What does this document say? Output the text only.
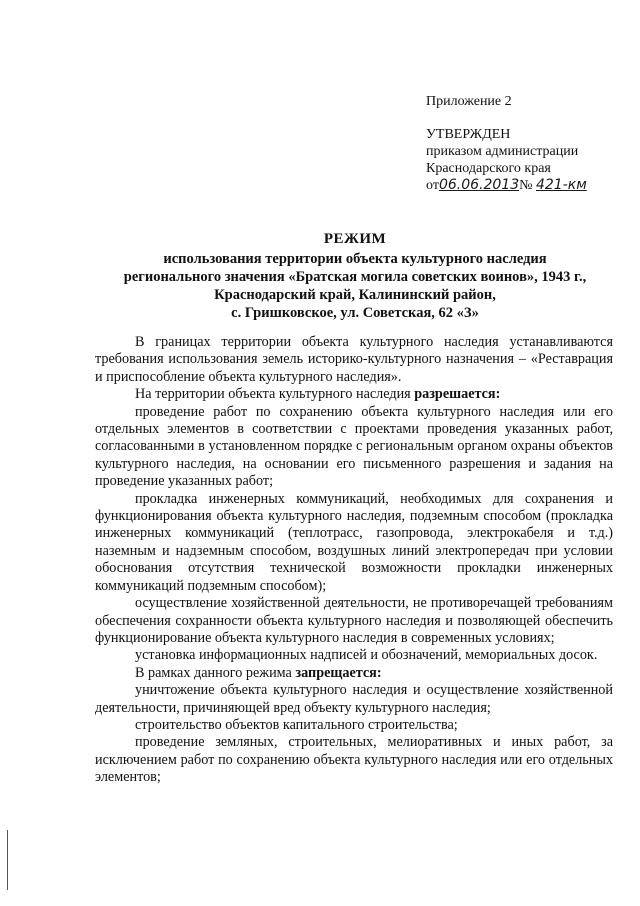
Приложение 2
УТВЕРЖДЕН
приказом администрации
Краснодарского края
от06.06.2013№ 421-км
РЕЖИМ
использования территории объекта культурного наследия
регионального значения «Братская могила советских воинов», 1943 г.,
Краснодарский край, Калининский район,
с. Гришковское, ул. Советская, 62 «З»

В границах территории объекта культурного наследия устанавливаются требования использования земель историко-культурного назначения – «Реставрация и приспособление объекта культурного наследия».

На территории объекта культурного наследия разрешается:

проведение работ по сохранению объекта культурного наследия или его отдельных элементов в соответствии с проектами проведения указанных работ, согласованными в установленном порядке с региональным органом охраны объектов культурного наследия, на основании его письменного разрешения и задания на проведение указанных работ;

прокладка инженерных коммуникаций, необходимых для сохранения и функционирования объекта культурного наследия, подземным способом (прокладка инженерных коммуникаций (теплотрасс, газопровода, электрокабеля и т.д.) наземным и надземным способом, воздушных линий электропередач при условии обоснования отсутствия технической возможности прокладки инженерных коммуникаций подземным способом);

осуществление хозяйственной деятельности, не противоречащей требованиям обеспечения сохранности объекта культурного наследия и позволяющей обеспечить функционирование объекта культурного наследия в современных условиях;

установка информационных надписей и обозначений, мемориальных досок.

В рамках данного режима запрещается:

уничтожение объекта культурного наследия и осуществление хозяйственной деятельности, причиняющей вред объекту культурного наследия;

строительство объектов капитального строительства;

проведение земляных, строительных, мелиоративных и иных работ, за исключением работ по сохранению объекта культурного наследия или его отдельных элементов;
